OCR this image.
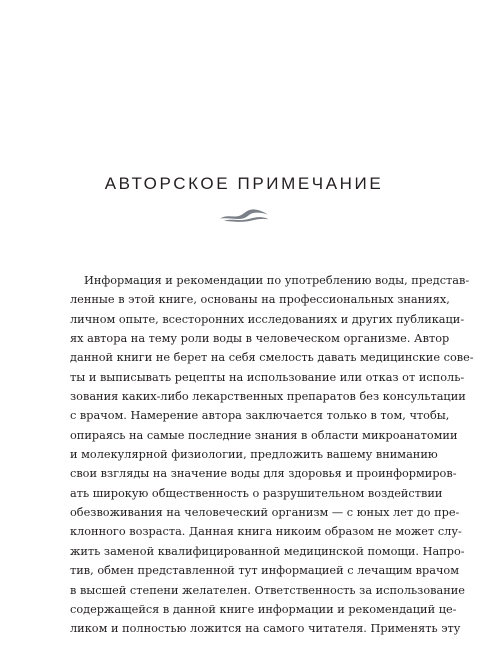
АВТОРСКОЕ ПРИМЕЧАНИЕ
Информация и рекомендации по употреблению воды, представ-
ленные в этой книге, основаны на профессиональных знаниях,
личном опыте, всесторонних исследованиях и других публикаци-
ях автора на тему роли воды в человеческом организме. Автор
данной книги не берет на себя смелость давать медицинские сове-
ты и выписывать рецепты на использование или отказ от исполь-
зования каких-либо лекарственных препаратов без консультации
с врачом. Намерение автора заключается только в том, чтобы,
опираясь на самые последние знания в области микроанатомии
и молекулярной физиологии, предложить вашему вниманию
свои взгляды на значение воды для здоровья и проинформиров-
ать широкую общественность о разрушительном воздействии
обезвоживания на человеческий организм — с юных лет до пре-
клонного возраста. Данная книга никоим образом не может слу-
жить заменой квалифицированной медицинской помощи. Напро-
тив, обмен представленной тут информацией с лечащим врачом
в высшей степени желателен. Ответственность за использование
содержащейся в данной книге информации и рекомендаций це-
ликом и полностью ложится на самого читателя. Применять эту
